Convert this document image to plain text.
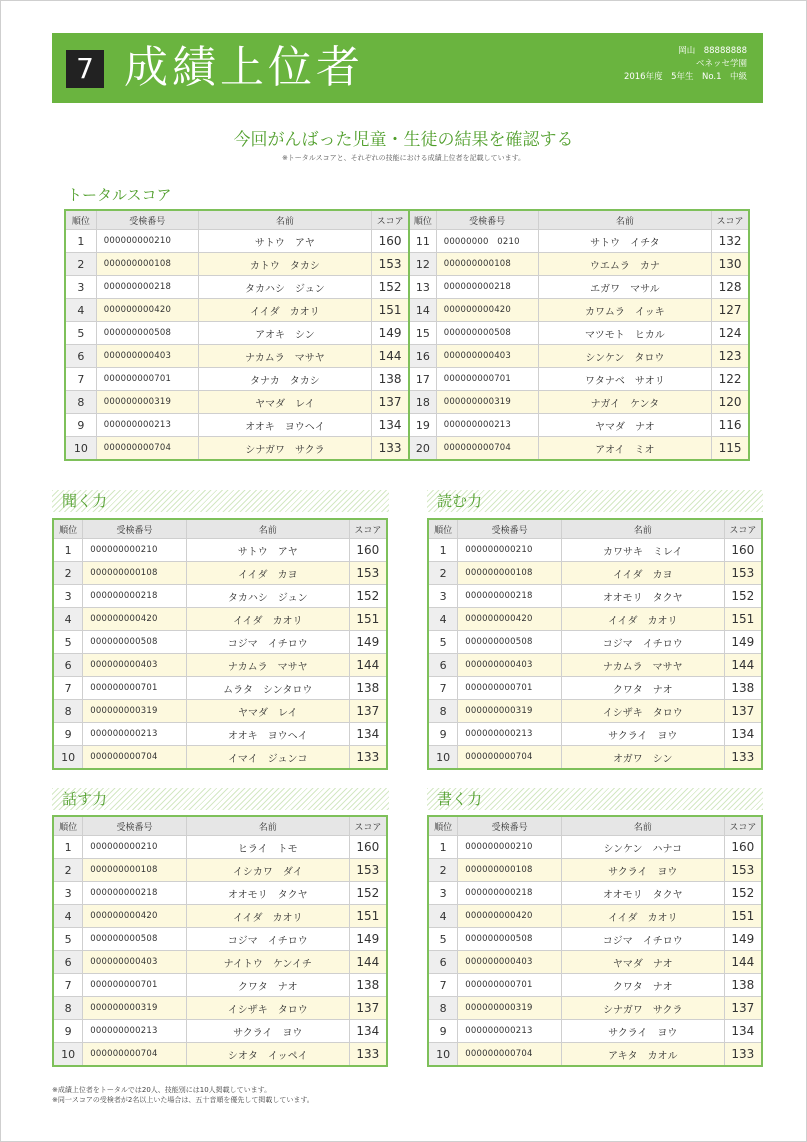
7 成績上位者	岡山　88888888
ベネッセ学園
2016年度　5年生　No.1　中級
今回がんばった児童・生徒の結果を確認する
※トータルスコアと、それぞれの技能における成績上位者を記載しています。
トータルスコア
順位	受検番号	名前	スコア	順位	受検番号	名前	スコア
1	000000000210	サトウ　アヤ	160	11	00000000　0210	サトウ　イチタ	132
2	000000000108	カトウ　タカシ	153	12	000000000108	ウエムラ　カナ	130
3	000000000218	タカハシ　ジュン	152	13	000000000218	エガワ　マサル	128
4	000000000420	イイダ　カオリ	151	14	000000000420	カワムラ　イッキ	127
5	000000000508	アオキ　シン	149	15	000000000508	マツモト　ヒカル	124
6	000000000403	ナカムラ　マサヤ	144	16	000000000403	シンケン　タロウ	123
7	000000000701	タナカ　タカシ	138	17	000000000701	ワタナベ　サオリ	122
8	000000000319	ヤマダ　レイ	137	18	000000000319	ナガイ　ケンタ	120
9	000000000213	オオキ　ヨウヘイ	134	19	000000000213	ヤマダ　ナオ	116
10	000000000704	シナガワ　サクラ	133	20	000000000704	アオイ　ミオ	115
聞く力
順位	受検番号	名前	スコア
1	000000000210	サトウ　アヤ	160
2	000000000108	イイダ　カヨ	153
3	000000000218	タカハシ　ジュン	152
4	000000000420	イイダ　カオリ	151
5	000000000508	コジマ　イチロウ	149
6	000000000403	ナカムラ　マサヤ	144
7	000000000701	ムラタ　シンタロウ	138
8	000000000319	ヤマダ　レイ	137
9	000000000213	オオキ　ヨウヘイ	134
10	000000000704	イマイ　ジュンコ	133
読む力
順位	受検番号	名前	スコア
1	000000000210	カワサキ　ミレイ	160
2	000000000108	イイダ　カヨ	153
3	000000000218	オオモリ　タクヤ	152
4	000000000420	イイダ　カオリ	151
5	000000000508	コジマ　イチロウ	149
6	000000000403	ナカムラ　マサヤ	144
7	000000000701	クワタ　ナオ	138
8	000000000319	イシザキ　タロウ	137
9	000000000213	サクライ　ヨウ	134
10	000000000704	オガワ　シン	133
話す力
順位	受検番号	名前	スコア
1	000000000210	ヒライ　トモ	160
2	000000000108	イシカワ　ダイ	153
3	000000000218	オオモリ　タクヤ	152
4	000000000420	イイダ　カオリ	151
5	000000000508	コジマ　イチロウ	149
6	000000000403	ナイトウ　ケンイチ	144
7	000000000701	クワタ　ナオ	138
8	000000000319	イシザキ　タロウ	137
9	000000000213	サクライ　ヨウ	134
10	000000000704	シオタ　イッペイ	133
書く力
順位	受検番号	名前	スコア
1	000000000210	シンケン　ハナコ	160
2	000000000108	サクライ　ヨウ	153
3	000000000218	オオモリ　タクヤ	152
4	000000000420	イイダ　カオリ	151
5	000000000508	コジマ　イチロウ	149
6	000000000403	ヤマダ　ナオ	144
7	000000000701	クワタ　ナオ	138
8	000000000319	シナガワ　サクラ	137
9	000000000213	サクライ　ヨウ	134
10	000000000704	アキタ　カオル	133
※成績上位者をトータルでは20人、技能別には10人掲載しています。
※同一スコアの受検者が2名以上いた場合は、五十音順を優先して掲載しています。
